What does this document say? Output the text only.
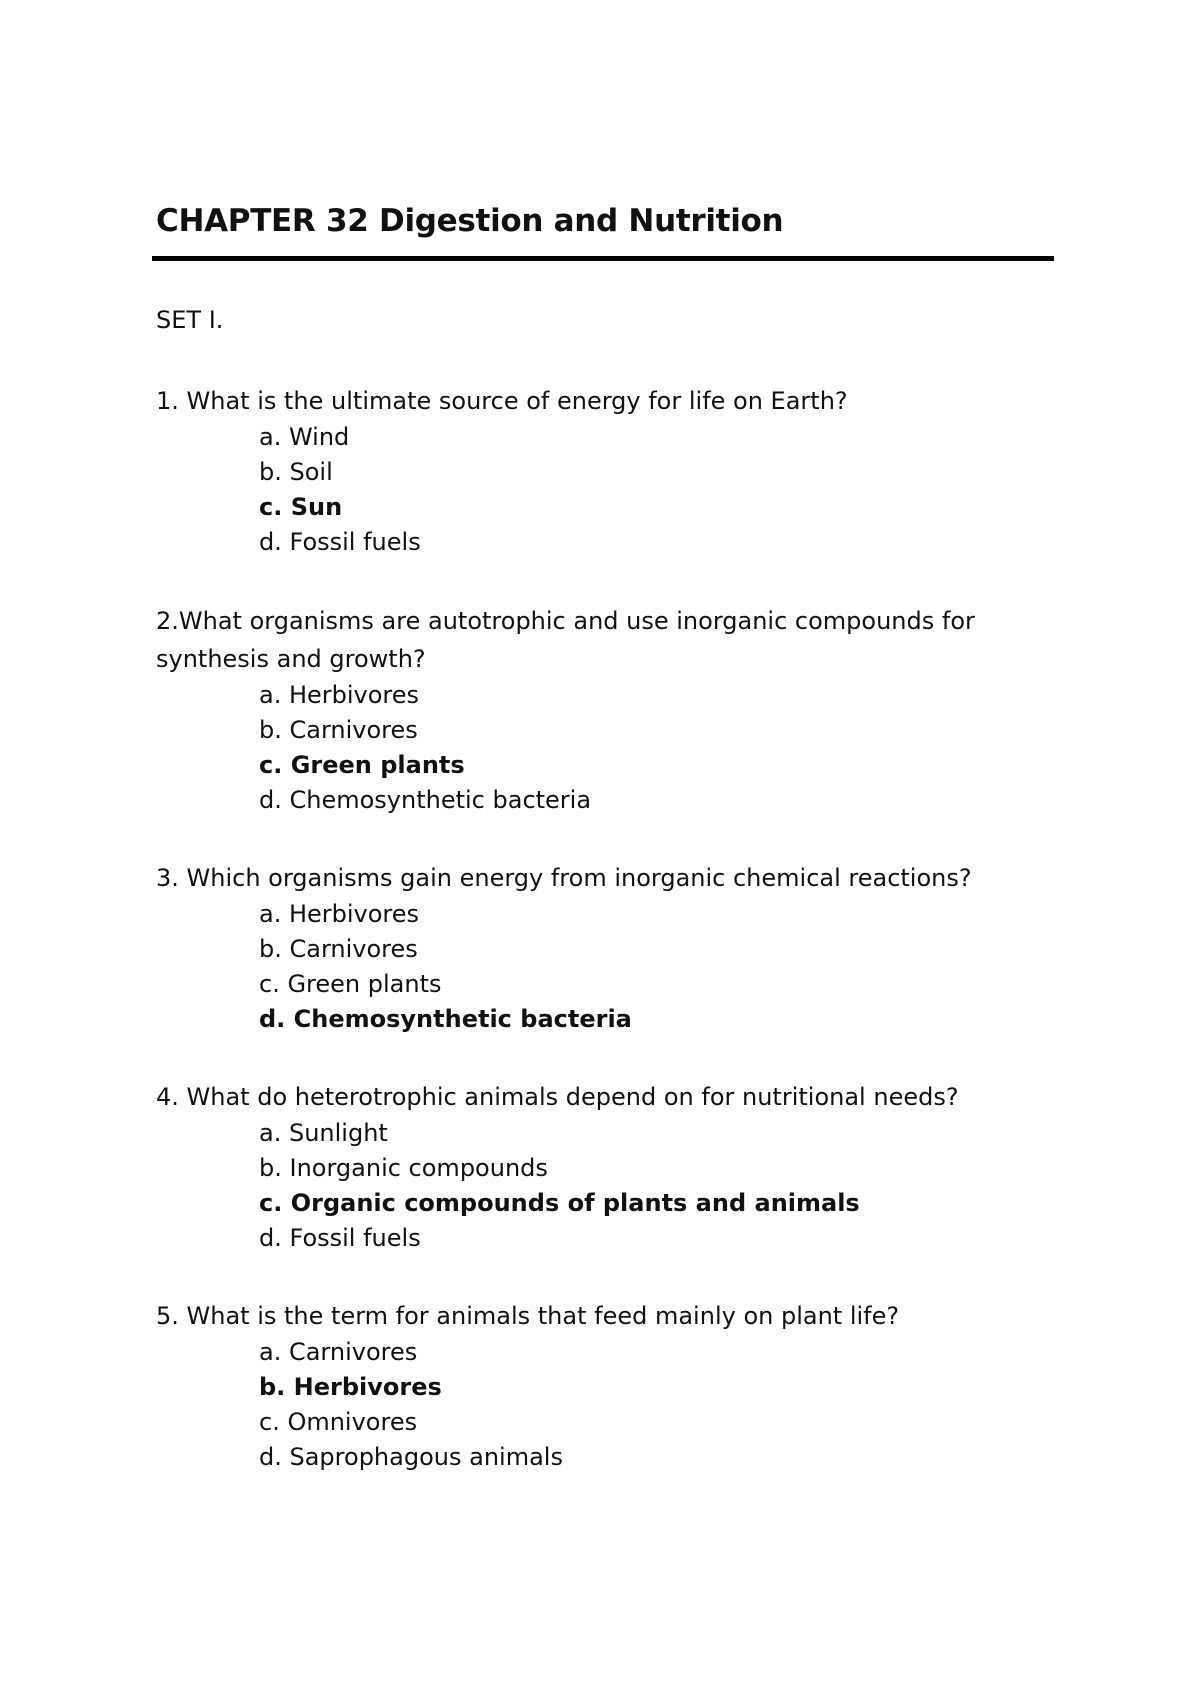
CHAPTER 32 Digestion and Nutrition
SET I.

1. What is the ultimate source of energy for life on Earth?

a. Wind
b. Soil
c. Sun
d. Fossil fuels

2.What organisms are autotrophic and use inorganic compounds for synthesis and growth?

a. Herbivores
b. Carnivores
c. Green plants
d. Chemosynthetic bacteria

3. Which organisms gain energy from inorganic chemical reactions?

a. Herbivores
b. Carnivores
c. Green plants
d. Chemosynthetic bacteria

4. What do heterotrophic animals depend on for nutritional needs?

a. Sunlight
b. Inorganic compounds
c. Organic compounds of plants and animals
d. Fossil fuels

5. What is the term for animals that feed mainly on plant life?

a. Carnivores
b. Herbivores
c. Omnivores
d. Saprophagous animals
